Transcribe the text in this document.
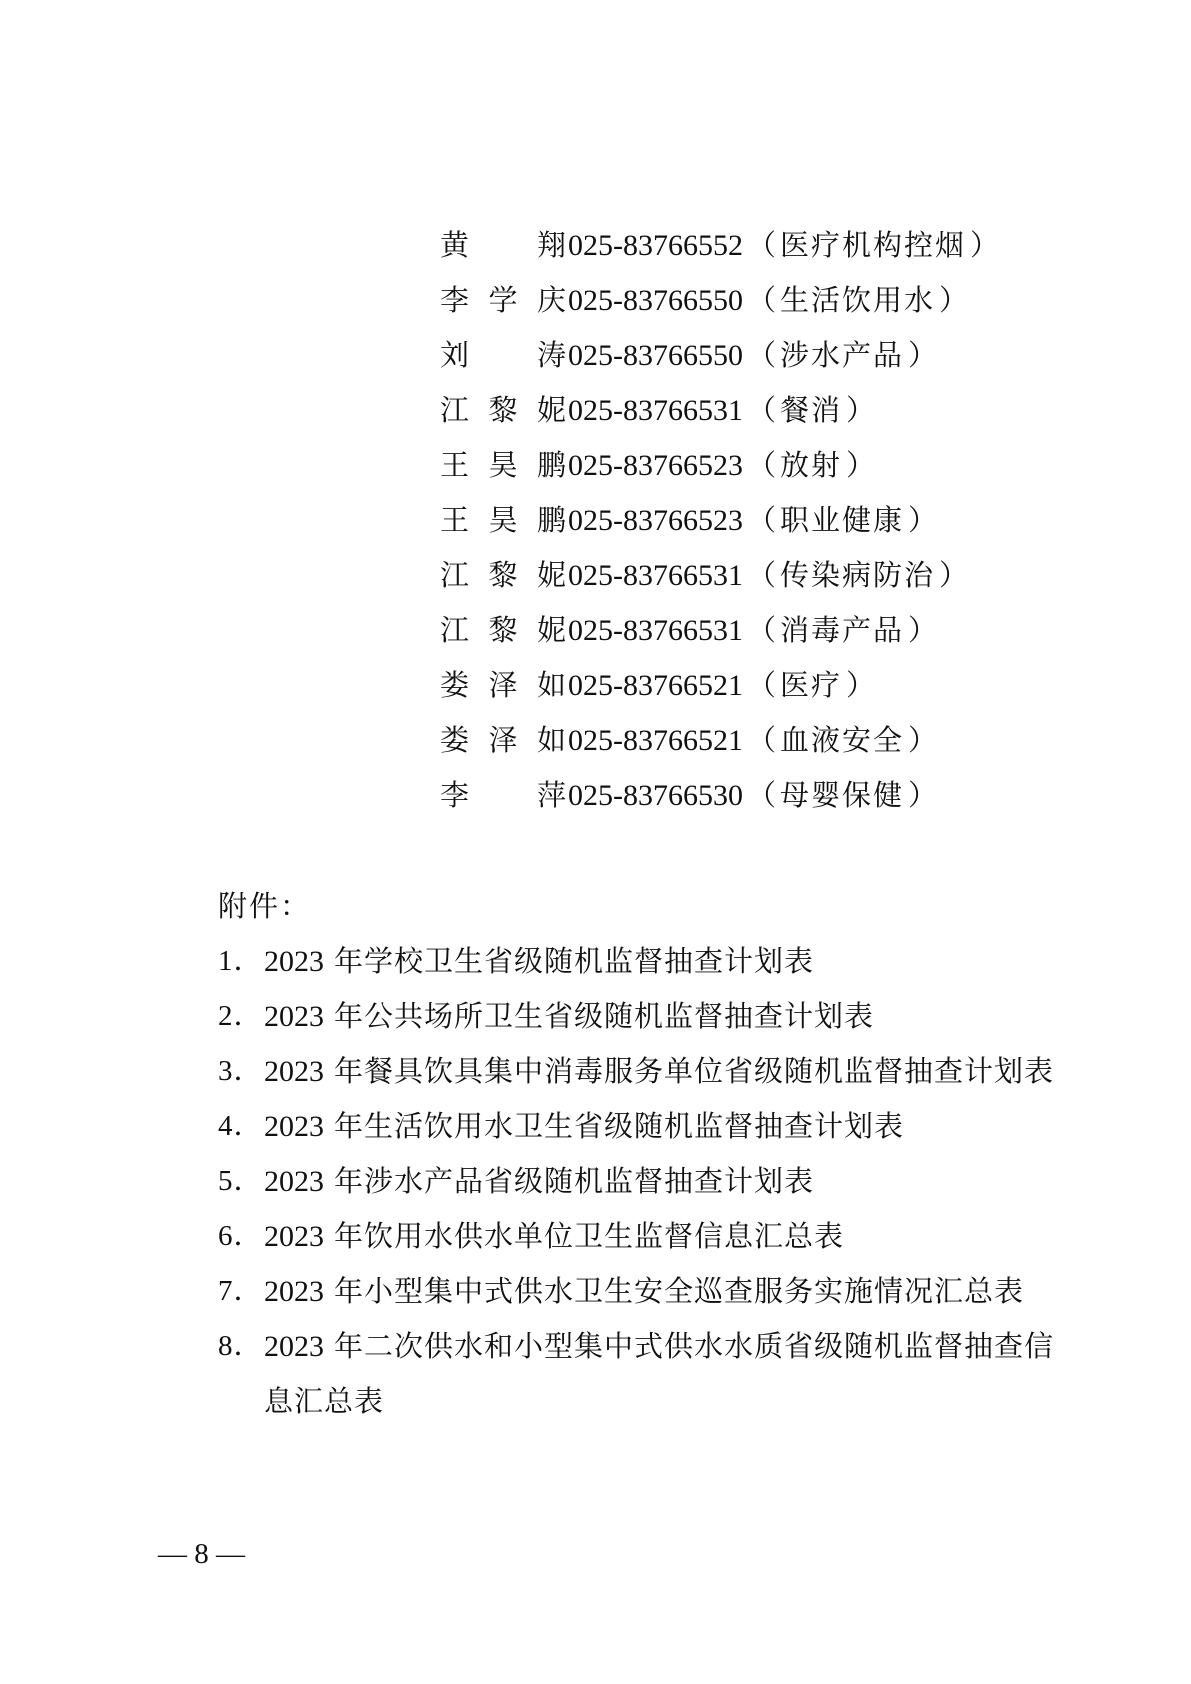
黄　翔 025-83766552 （ 医疗机构控烟 ）
李学庆 025-83766550 （ 生活饮用水 ）
刘　涛 025-83766550 （ 涉水产品 ）
江黎妮 025-83766531 （ 餐消 ）
王昊鹏 025-83766523 （ 放射 ）
王昊鹏 025-83766523 （ 职业健康 ）
江黎妮 025-83766531 （ 传染病防治 ）
江黎妮 025-83766531 （ 消毒产品 ）
娄泽如 025-83766521 （ 医疗 ）
娄泽如 025-83766521 （ 血液安全 ）
李　萍 025-83766530 （ 母婴保健 ）
附件：
1． 2023 年学校卫生省级随机监督抽查计划表
2． 2023 年公共场所卫生省级随机监督抽查计划表
3． 2023 年餐具饮具集中消毒服务单位省级随机监督抽查计划表
4． 2023 年生活饮用水卫生省级随机监督抽查计划表
5． 2023 年涉水产品省级随机监督抽查计划表
6． 2023 年饮用水供水单位卫生监督信息汇总表
7． 2023 年小型集中式供水卫生安全巡查服务实施情况汇总表
8． 2023 年二次供水和小型集中式供水水质省级随机监督抽查信息汇总表
— 8 —
